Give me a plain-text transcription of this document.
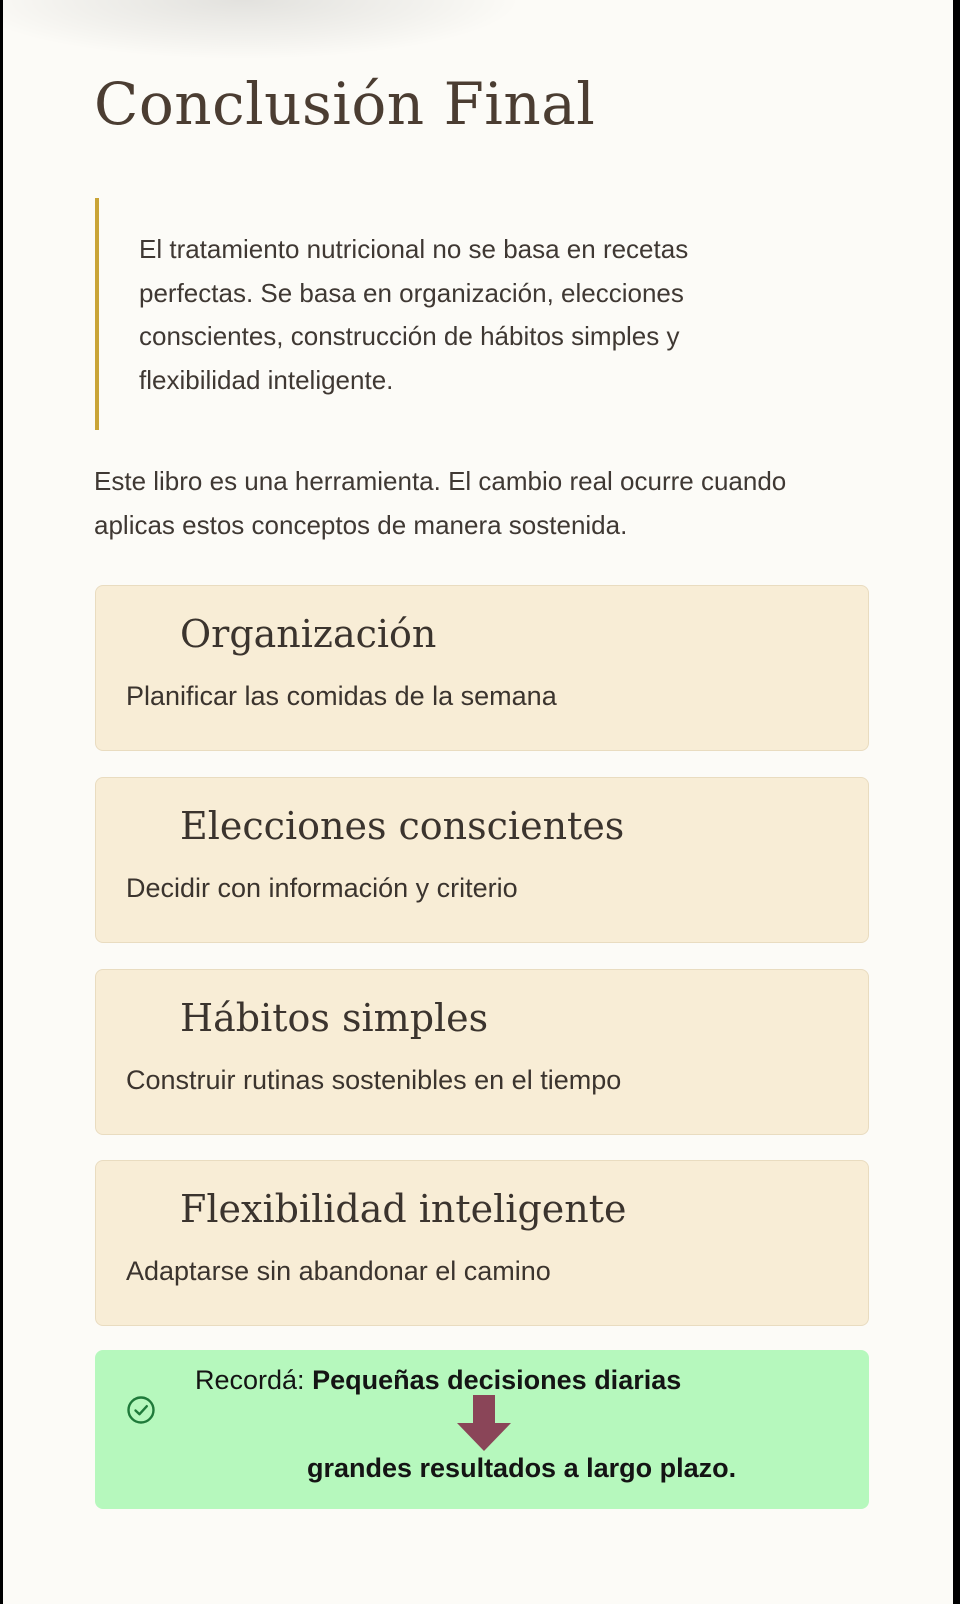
Conclusión Final
El tratamiento nutricional no se basa en recetas perfectas. Se basa en organización, elecciones conscientes, construcción de hábitos simples y flexibilidad inteligente.

Este libro es una herramienta. El cambio real ocurre cuando aplicas estos conceptos de manera sostenida.

Organización

Planificar las comidas de la semana

Elecciones conscientes

Decidir con información y criterio

Hábitos simples

Construir rutinas sostenibles en el tiempo

Flexibilidad inteligente

Adaptarse sin abandonar el camino

Recordá: Pequeñas decisiones diarias

grandes resultados a largo plazo.
